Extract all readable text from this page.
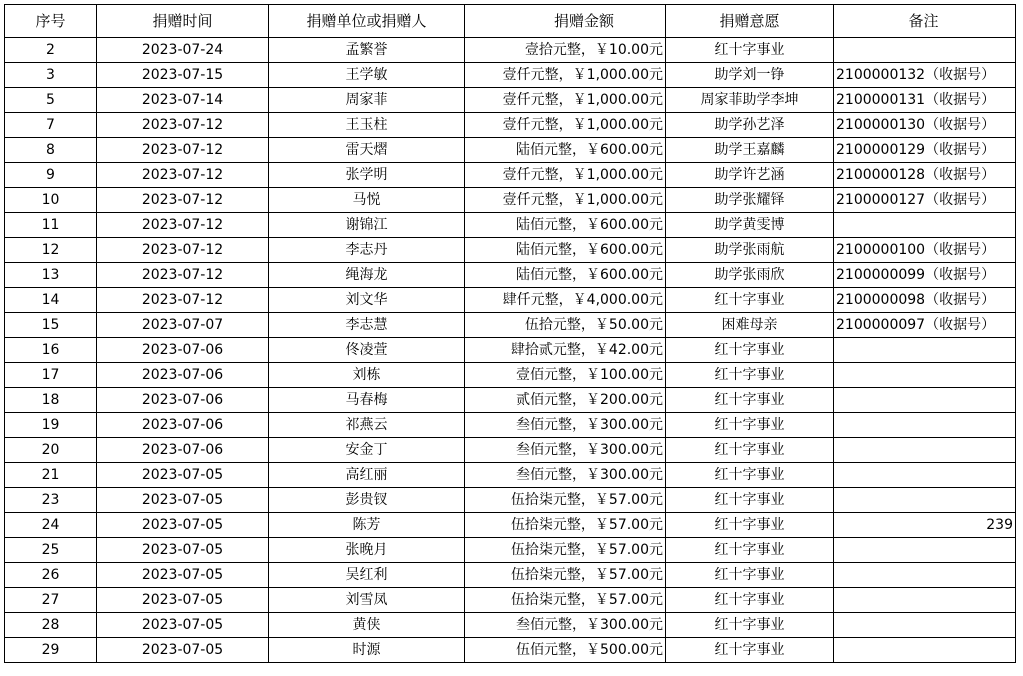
序号	捐赠时间	捐赠单位或捐赠人	捐赠金额	捐赠意愿	备注
2	2023-07-24	孟繁誉	壹拾元整，￥10.00元	红十字事业	
3	2023-07-15	王学敏	壹仟元整，￥1,000.00元	助学刘一铮	2100000132（收据号）
5	2023-07-14	周家菲	壹仟元整，￥1,000.00元	周家菲助学李坤	2100000131（收据号）
7	2023-07-12	王玉柱	壹仟元整，￥1,000.00元	助学孙艺泽	2100000130（收据号）
8	2023-07-12	雷天熠	陆佰元整，￥600.00元	助学王嘉麟	2100000129（收据号）
9	2023-07-12	张学明	壹仟元整，￥1,000.00元	助学许艺涵	2100000128（收据号）
10	2023-07-12	马悦	壹仟元整，￥1,000.00元	助学张耀铎	2100000127（收据号）
11	2023-07-12	谢锦江	陆佰元整，￥600.00元	助学黄雯博	
12	2023-07-12	李志丹	陆佰元整，￥600.00元	助学张雨航	2100000100（收据号）
13	2023-07-12	绳海龙	陆佰元整，￥600.00元	助学张雨欣	2100000099（收据号）
14	2023-07-12	刘文华	肆仟元整，￥4,000.00元	红十字事业	2100000098（收据号）
15	2023-07-07	李志慧	伍拾元整，￥50.00元	困难母亲	2100000097（收据号）
16	2023-07-06	佟凌萱	肆拾贰元整，￥42.00元	红十字事业	
17	2023-07-06	刘栋	壹佰元整，￥100.00元	红十字事业	
18	2023-07-06	马春梅	贰佰元整，￥200.00元	红十字事业	
19	2023-07-06	祁燕云	叁佰元整，￥300.00元	红十字事业	
20	2023-07-06	安金丁	叁佰元整，￥300.00元	红十字事业	
21	2023-07-05	高红丽	叁佰元整，￥300.00元	红十字事业	
23	2023-07-05	彭贵钗	伍拾柒元整，￥57.00元	红十字事业	
24	2023-07-05	陈芳	伍拾柒元整，￥57.00元	红十字事业	239
25	2023-07-05	张晚月	伍拾柒元整，￥57.00元	红十字事业	
26	2023-07-05	吴红利	伍拾柒元整，￥57.00元	红十字事业	
27	2023-07-05	刘雪凤	伍拾柒元整，￥57.00元	红十字事业	
28	2023-07-05	黄侠	叁佰元整，￥300.00元	红十字事业	
29	2023-07-05	时源	伍佰元整，￥500.00元	红十字事业	
